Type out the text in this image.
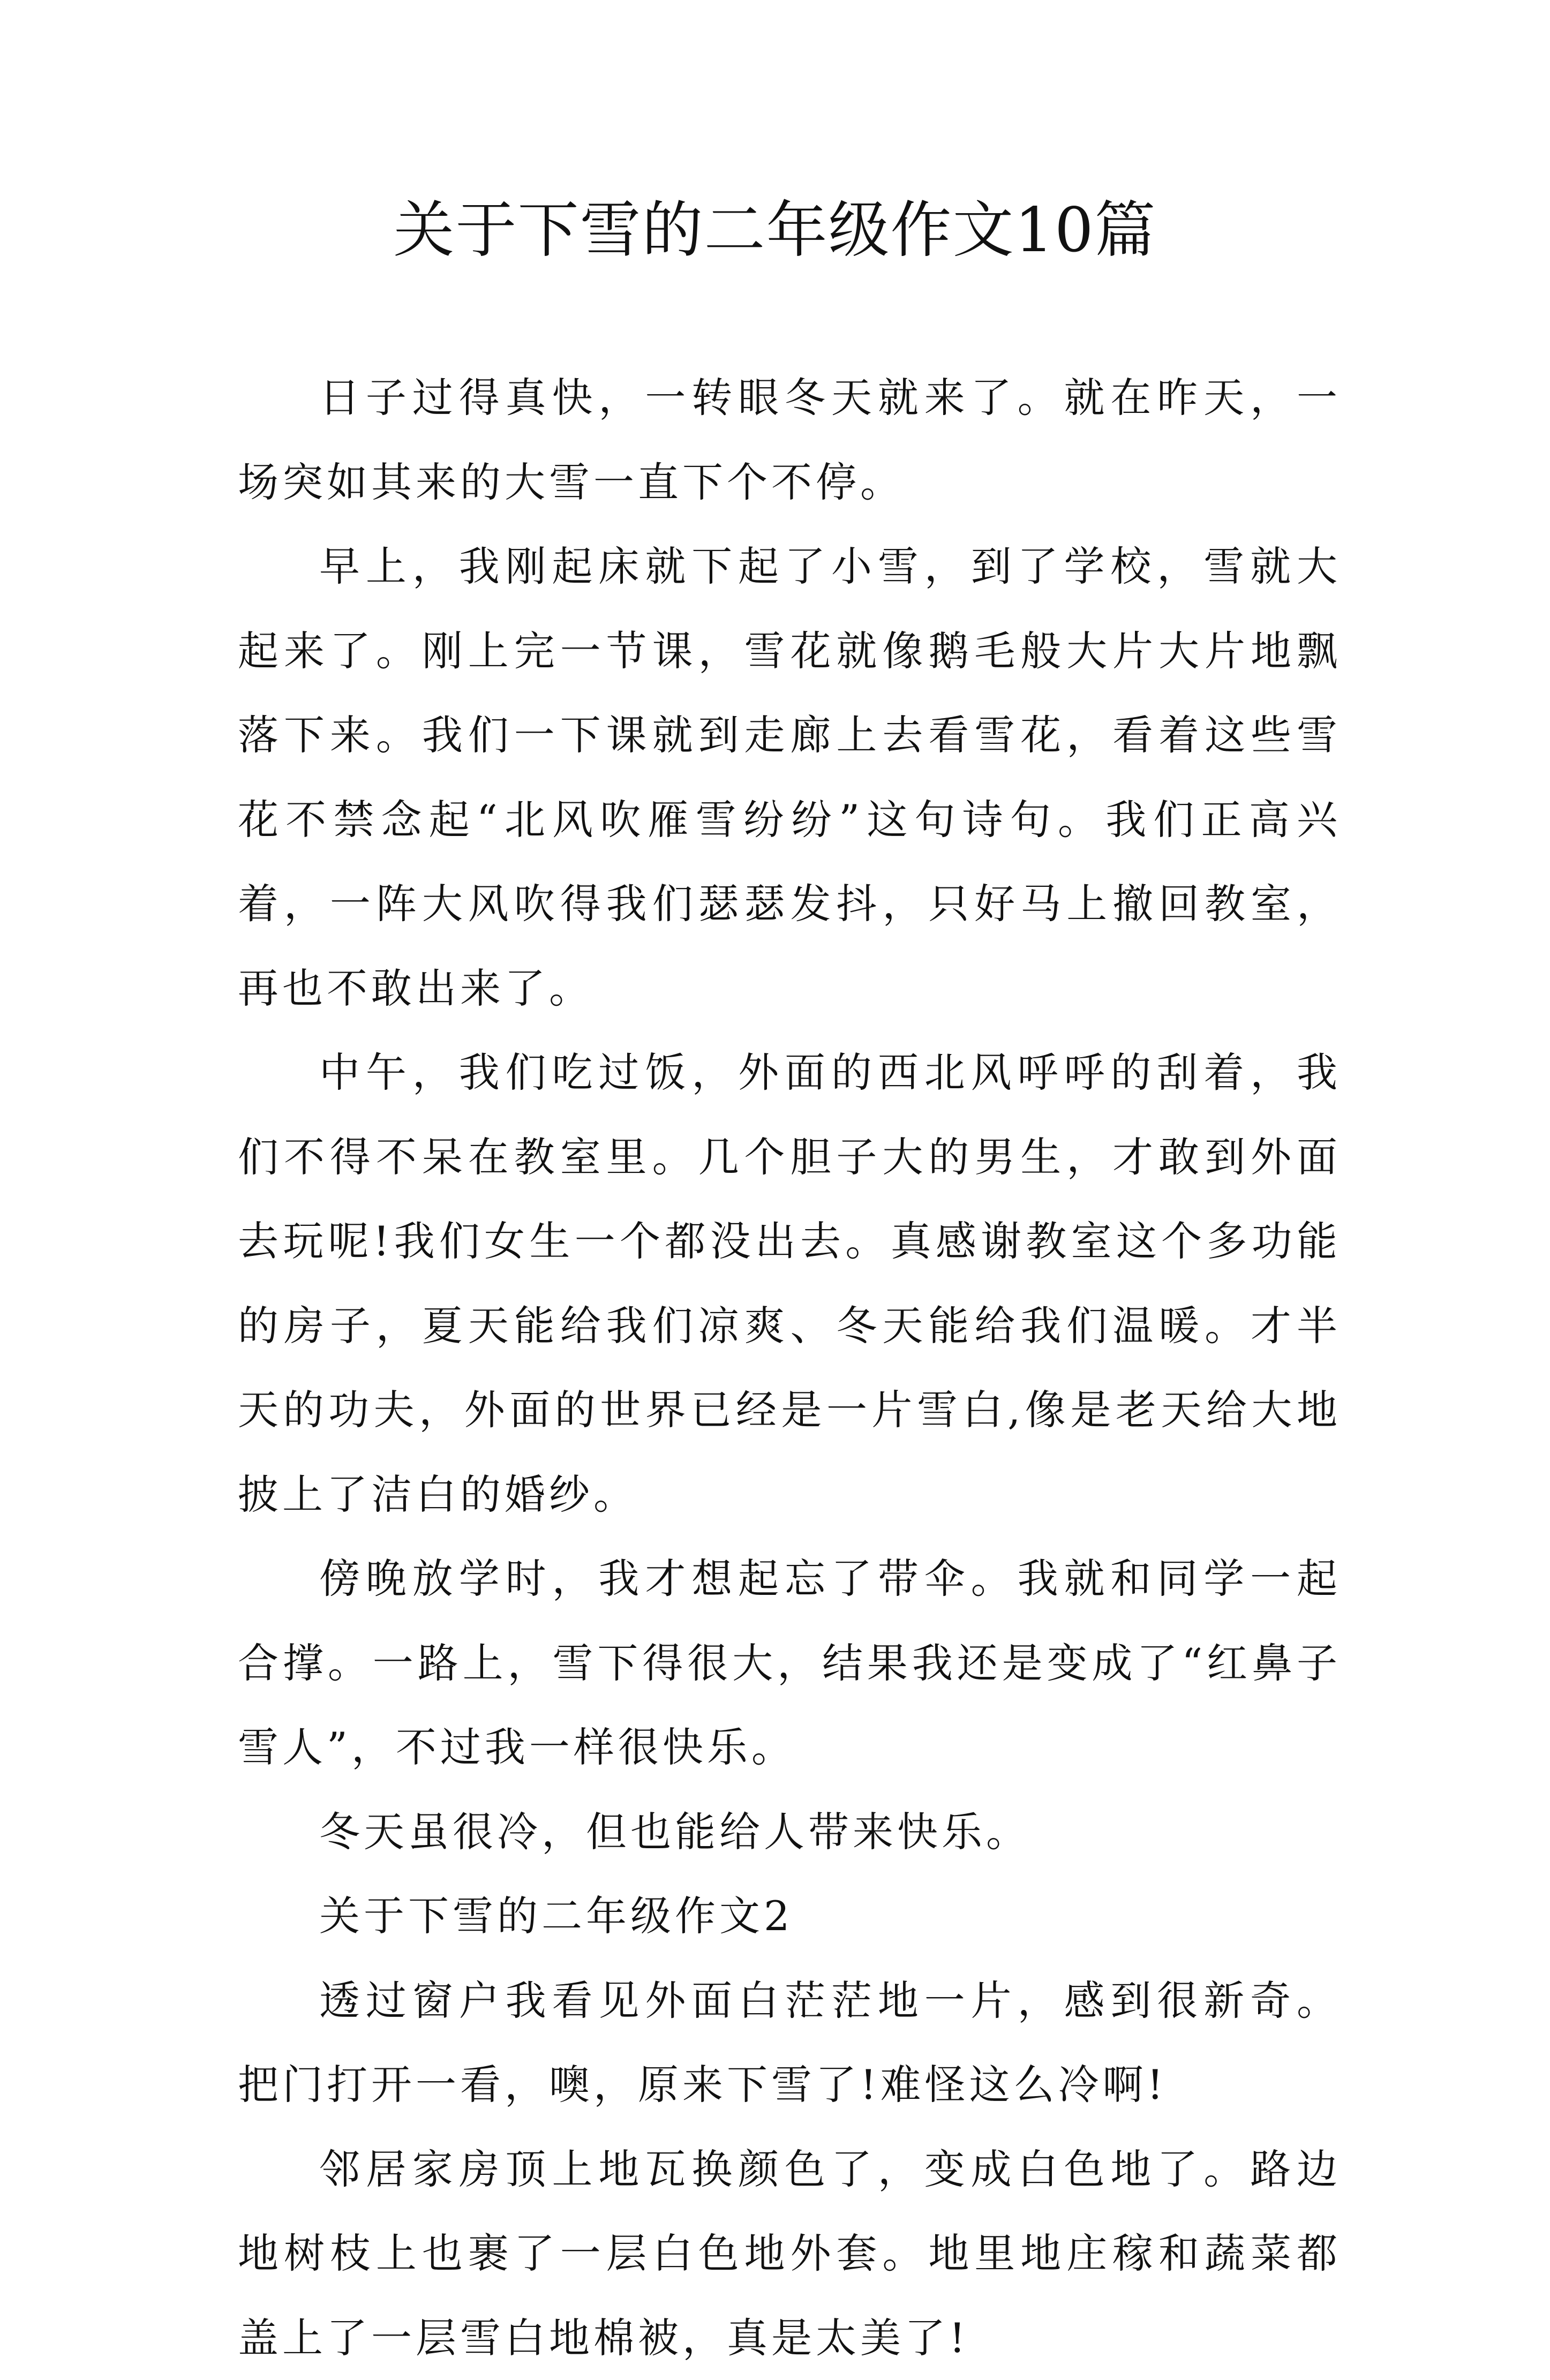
关于下雪的二年级作文10篇

日子过得真快，一转眼冬天就来了。就在昨天，一场突如其来的大雪一直下个不停。

早上，我刚起床就下起了小雪，到了学校，雪就大起来了。刚上完一节课，雪花就像鹅毛般大片大片地飘落下来。我们一下课就到走廊上去看雪花，看着这些雪花不禁念起“北风吹雁雪纷纷”这句诗句。我们正高兴着，一阵大风吹得我们瑟瑟发抖，只好马上撤回教室，再也不敢出来了。

中午，我们吃过饭，外面的西北风呼呼的刮着，我们不得不呆在教室里。几个胆子大的男生，才敢到外面去玩呢!我们女生一个都没出去。真感谢教室这个多功能的房子，夏天能给我们凉爽、冬天能给我们温暖。才半天的功夫，外面的世界已经是一片雪白,像是老天给大地披上了洁白的婚纱。

傍晚放学时，我才想起忘了带伞。我就和同学一起合撑。一路上，雪下得很大，结果我还是变成了“红鼻子雪人”，不过我一样很快乐。

冬天虽很冷，但也能给人带来快乐。

关于下雪的二年级作文2

透过窗户我看见外面白茫茫地一片，感到很新奇。把门打开一看，噢，原来下雪了!难怪这么冷啊!

邻居家房顶上地瓦换颜色了，变成白色地了。路边地树枝上也裹了一层白色地外套。地里地庄稼和蔬菜都盖上了一层雪白地棉被，真是太美了!
